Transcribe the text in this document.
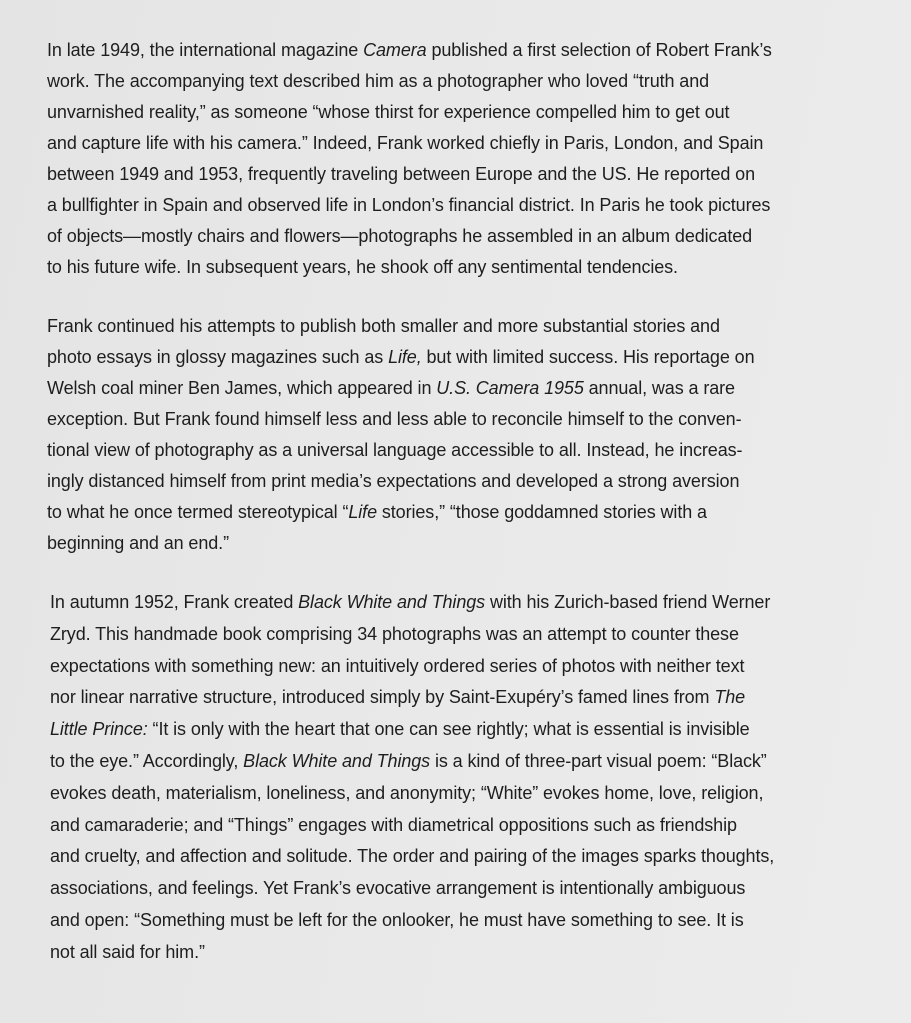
In late 1949, the international magazine Camera published a first selection of Robert Frank’s
work. The accompanying text described him as a photographer who loved “truth and
unvarnished reality,” as someone “whose thirst for experience compelled him to get out
and capture life with his camera.” Indeed, Frank worked chiefly in Paris, London, and Spain
between 1949 and 1953, frequently traveling between Europe and the US. He reported on
a bullfighter in Spain and observed life in London’s financial district. In Paris he took pictures
of objects—mostly chairs and flowers—photographs he assembled in an album dedicated
to his future wife. In subsequent years, he shook off any sentimental tendencies.
Frank continued his attempts to publish both smaller and more substantial stories and
photo essays in glossy magazines such as Life, but with limited success. His reportage on
Welsh coal miner Ben James, which appeared in U.S. Camera 1955 annual, was a rare
exception. But Frank found himself less and less able to reconcile himself to the conven-
tional view of photography as a universal language accessible to all. Instead, he increas-
ingly distanced himself from print media’s expectations and developed a strong aversion
to what he once termed stereotypical “Life stories,” “those goddamned stories with a
beginning and an end.”
In autumn 1952, Frank created Black White and Things with his Zurich-based friend Werner
Zryd. This handmade book comprising 34 photographs was an attempt to counter these
expectations with something new: an intuitively ordered series of photos with neither text
nor linear narrative structure, introduced simply by Saint-Exupéry’s famed lines from The
Little Prince: “It is only with the heart that one can see rightly; what is essential is invisible
to the eye.” Accordingly, Black White and Things is a kind of three-part visual poem: “Black”
evokes death, materialism, loneliness, and anonymity; “White” evokes home, love, religion,
and camaraderie; and “Things” engages with diametrical oppositions such as friendship
and cruelty, and affection and solitude. The order and pairing of the images sparks thoughts,
associations, and feelings. Yet Frank’s evocative arrangement is intentionally ambiguous
and open: “Something must be left for the onlooker, he must have something to see. It is
not all said for him.”
